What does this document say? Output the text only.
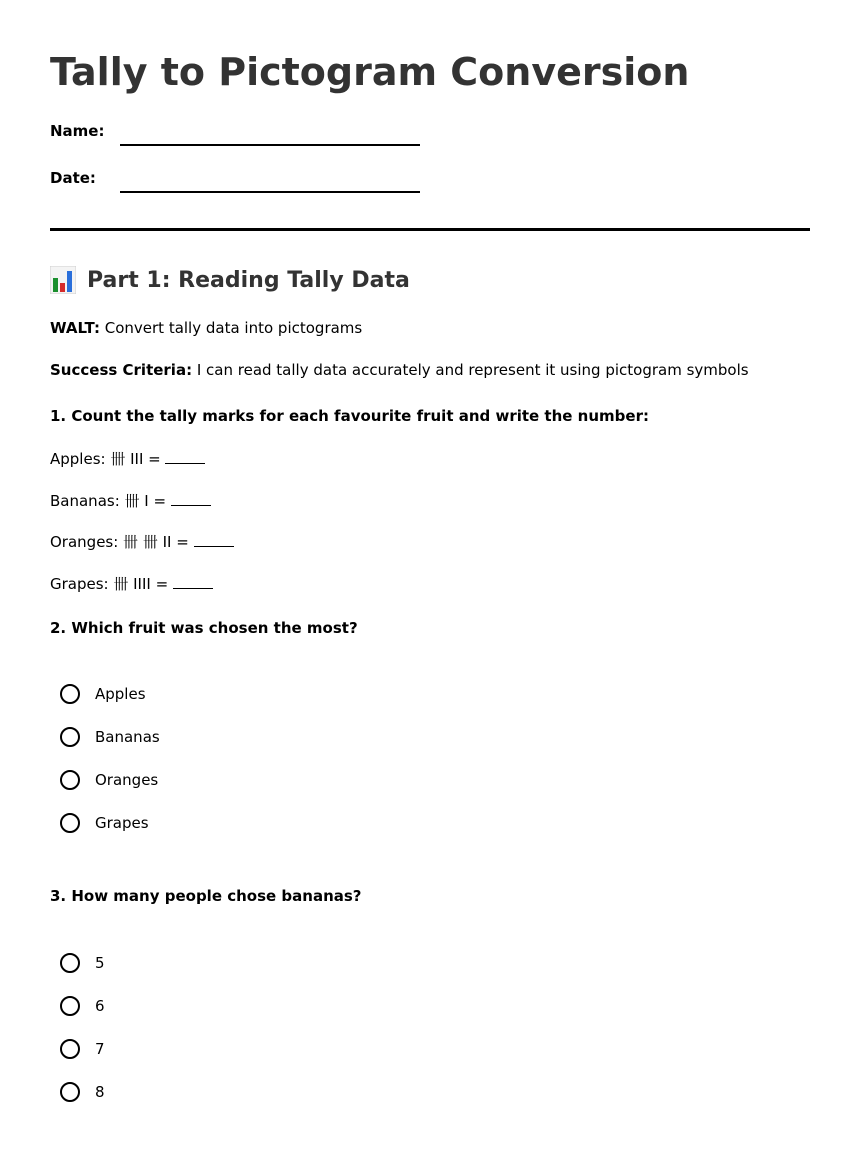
Tally to Pictogram Conversion
Name:
Date:
Part 1: Reading Tally Data
WALT: Convert tally data into pictograms
Success Criteria: I can read tally data accurately and represent it using pictogram symbols
1. Count the tally marks for each favourite fruit and write the number:
Apples: 卌 III =
Bananas: 卌 I =
Oranges: 卌 卌 II =
Grapes: 卌 IIII =
2. Which fruit was chosen the most?
Apples
Bananas
Oranges
Grapes
3. How many people chose bananas?
5
6
7
8
